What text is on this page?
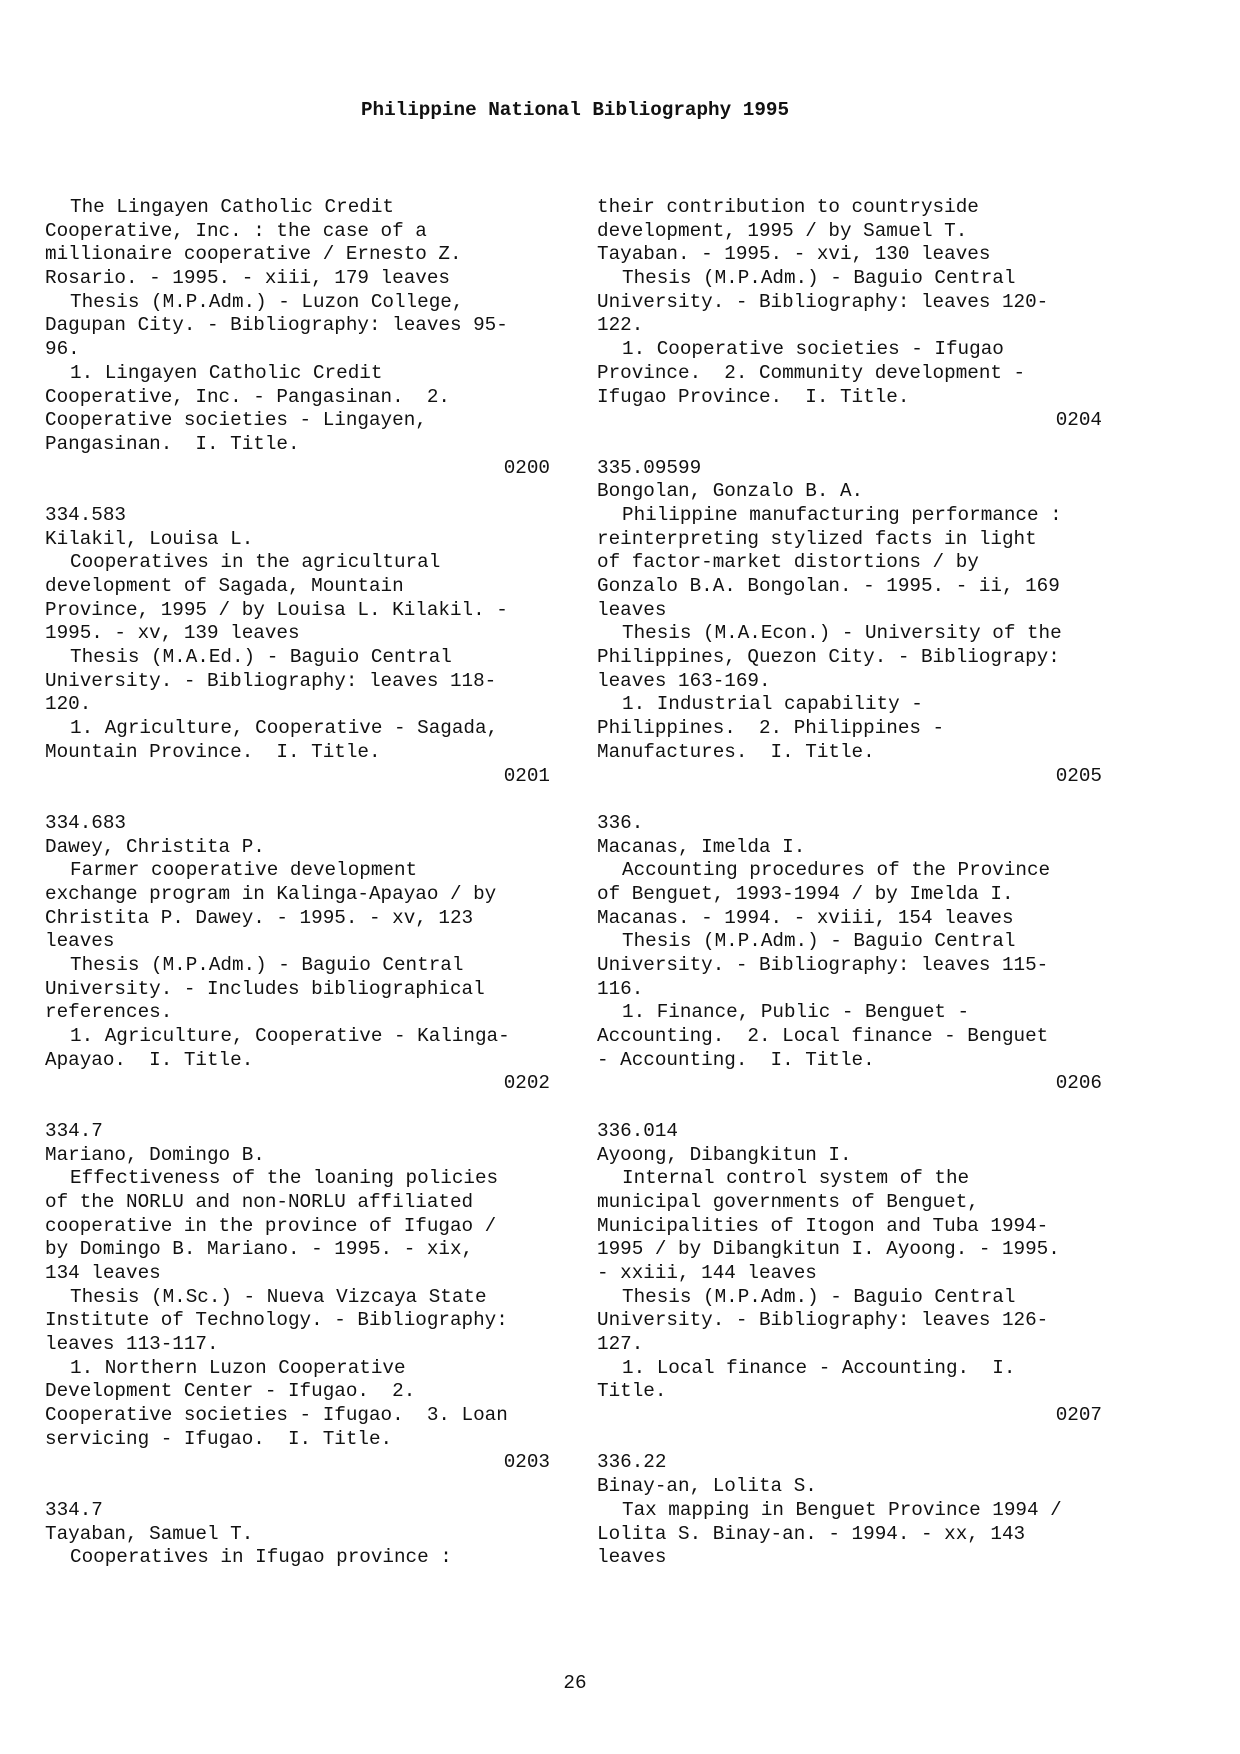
Philippine National Bibliography 1995
The Lingayen Catholic Credit
Cooperative, Inc. : the case of a
millionaire cooperative / Ernesto Z.
Rosario. - 1995. - xiii, 179 leaves
Thesis (M.P.Adm.) - Luzon College,
Dagupan City. - Bibliography: leaves 95-
96.
1. Lingayen Catholic Credit
Cooperative, Inc. - Pangasinan.  2.
Cooperative societies - Lingayen,
Pangasinan.  I. Title.
0200
334.583
Kilakil, Louisa L.
Cooperatives in the agricultural
development of Sagada, Mountain
Province, 1995 / by Louisa L. Kilakil. -
1995. - xv, 139 leaves
Thesis (M.A.Ed.) - Baguio Central
University. - Bibliography: leaves 118-
120.
1. Agriculture, Cooperative - Sagada,
Mountain Province.  I. Title.
0201
334.683
Dawey, Christita P.
Farmer cooperative development
exchange program in Kalinga-Apayao / by
Christita P. Dawey. - 1995. - xv, 123
leaves
Thesis (M.P.Adm.) - Baguio Central
University. - Includes bibliographical
references.
1. Agriculture, Cooperative - Kalinga-
Apayao.  I. Title.
0202
334.7
Mariano, Domingo B.
Effectiveness of the loaning policies
of the NORLU and non-NORLU affiliated
cooperative in the province of Ifugao /
by Domingo B. Mariano. - 1995. - xix,
134 leaves
Thesis (M.Sc.) - Nueva Vizcaya State
Institute of Technology. - Bibliography:
leaves 113-117.
1. Northern Luzon Cooperative
Development Center - Ifugao.  2.
Cooperative societies - Ifugao.  3. Loan
servicing - Ifugao.  I. Title.
0203
334.7
Tayaban, Samuel T.
Cooperatives in Ifugao province :
their contribution to countryside
development, 1995 / by Samuel T.
Tayaban. - 1995. - xvi, 130 leaves
Thesis (M.P.Adm.) - Baguio Central
University. - Bibliography: leaves 120-
122.
1. Cooperative societies - Ifugao
Province.  2. Community development -
Ifugao Province.  I. Title.
0204
335.09599
Bongolan, Gonzalo B. A.
Philippine manufacturing performance :
reinterpreting stylized facts in light
of factor-market distortions / by
Gonzalo B.A. Bongolan. - 1995. - ii, 169
leaves
Thesis (M.A.Econ.) - University of the
Philippines, Quezon City. - Bibliograpy:
leaves 163-169.
1. Industrial capability -
Philippines.  2. Philippines -
Manufactures.  I. Title.
0205
336.
Macanas, Imelda I.
Accounting procedures of the Province
of Benguet, 1993-1994 / by Imelda I.
Macanas. - 1994. - xviii, 154 leaves
Thesis (M.P.Adm.) - Baguio Central
University. - Bibliography: leaves 115-
116.
1. Finance, Public - Benguet -
Accounting.  2. Local finance - Benguet
- Accounting.  I. Title.
0206
336.014
Ayoong, Dibangkitun I.
Internal control system of the
municipal governments of Benguet,
Municipalities of Itogon and Tuba 1994-
1995 / by Dibangkitun I. Ayoong. - 1995.
- xxiii, 144 leaves
Thesis (M.P.Adm.) - Baguio Central
University. - Bibliography: leaves 126-
127.
1. Local finance - Accounting.  I.
Title.
0207
336.22
Binay-an, Lolita S.
Tax mapping in Benguet Province 1994 /
Lolita S. Binay-an. - 1994. - xx, 143
leaves
26
